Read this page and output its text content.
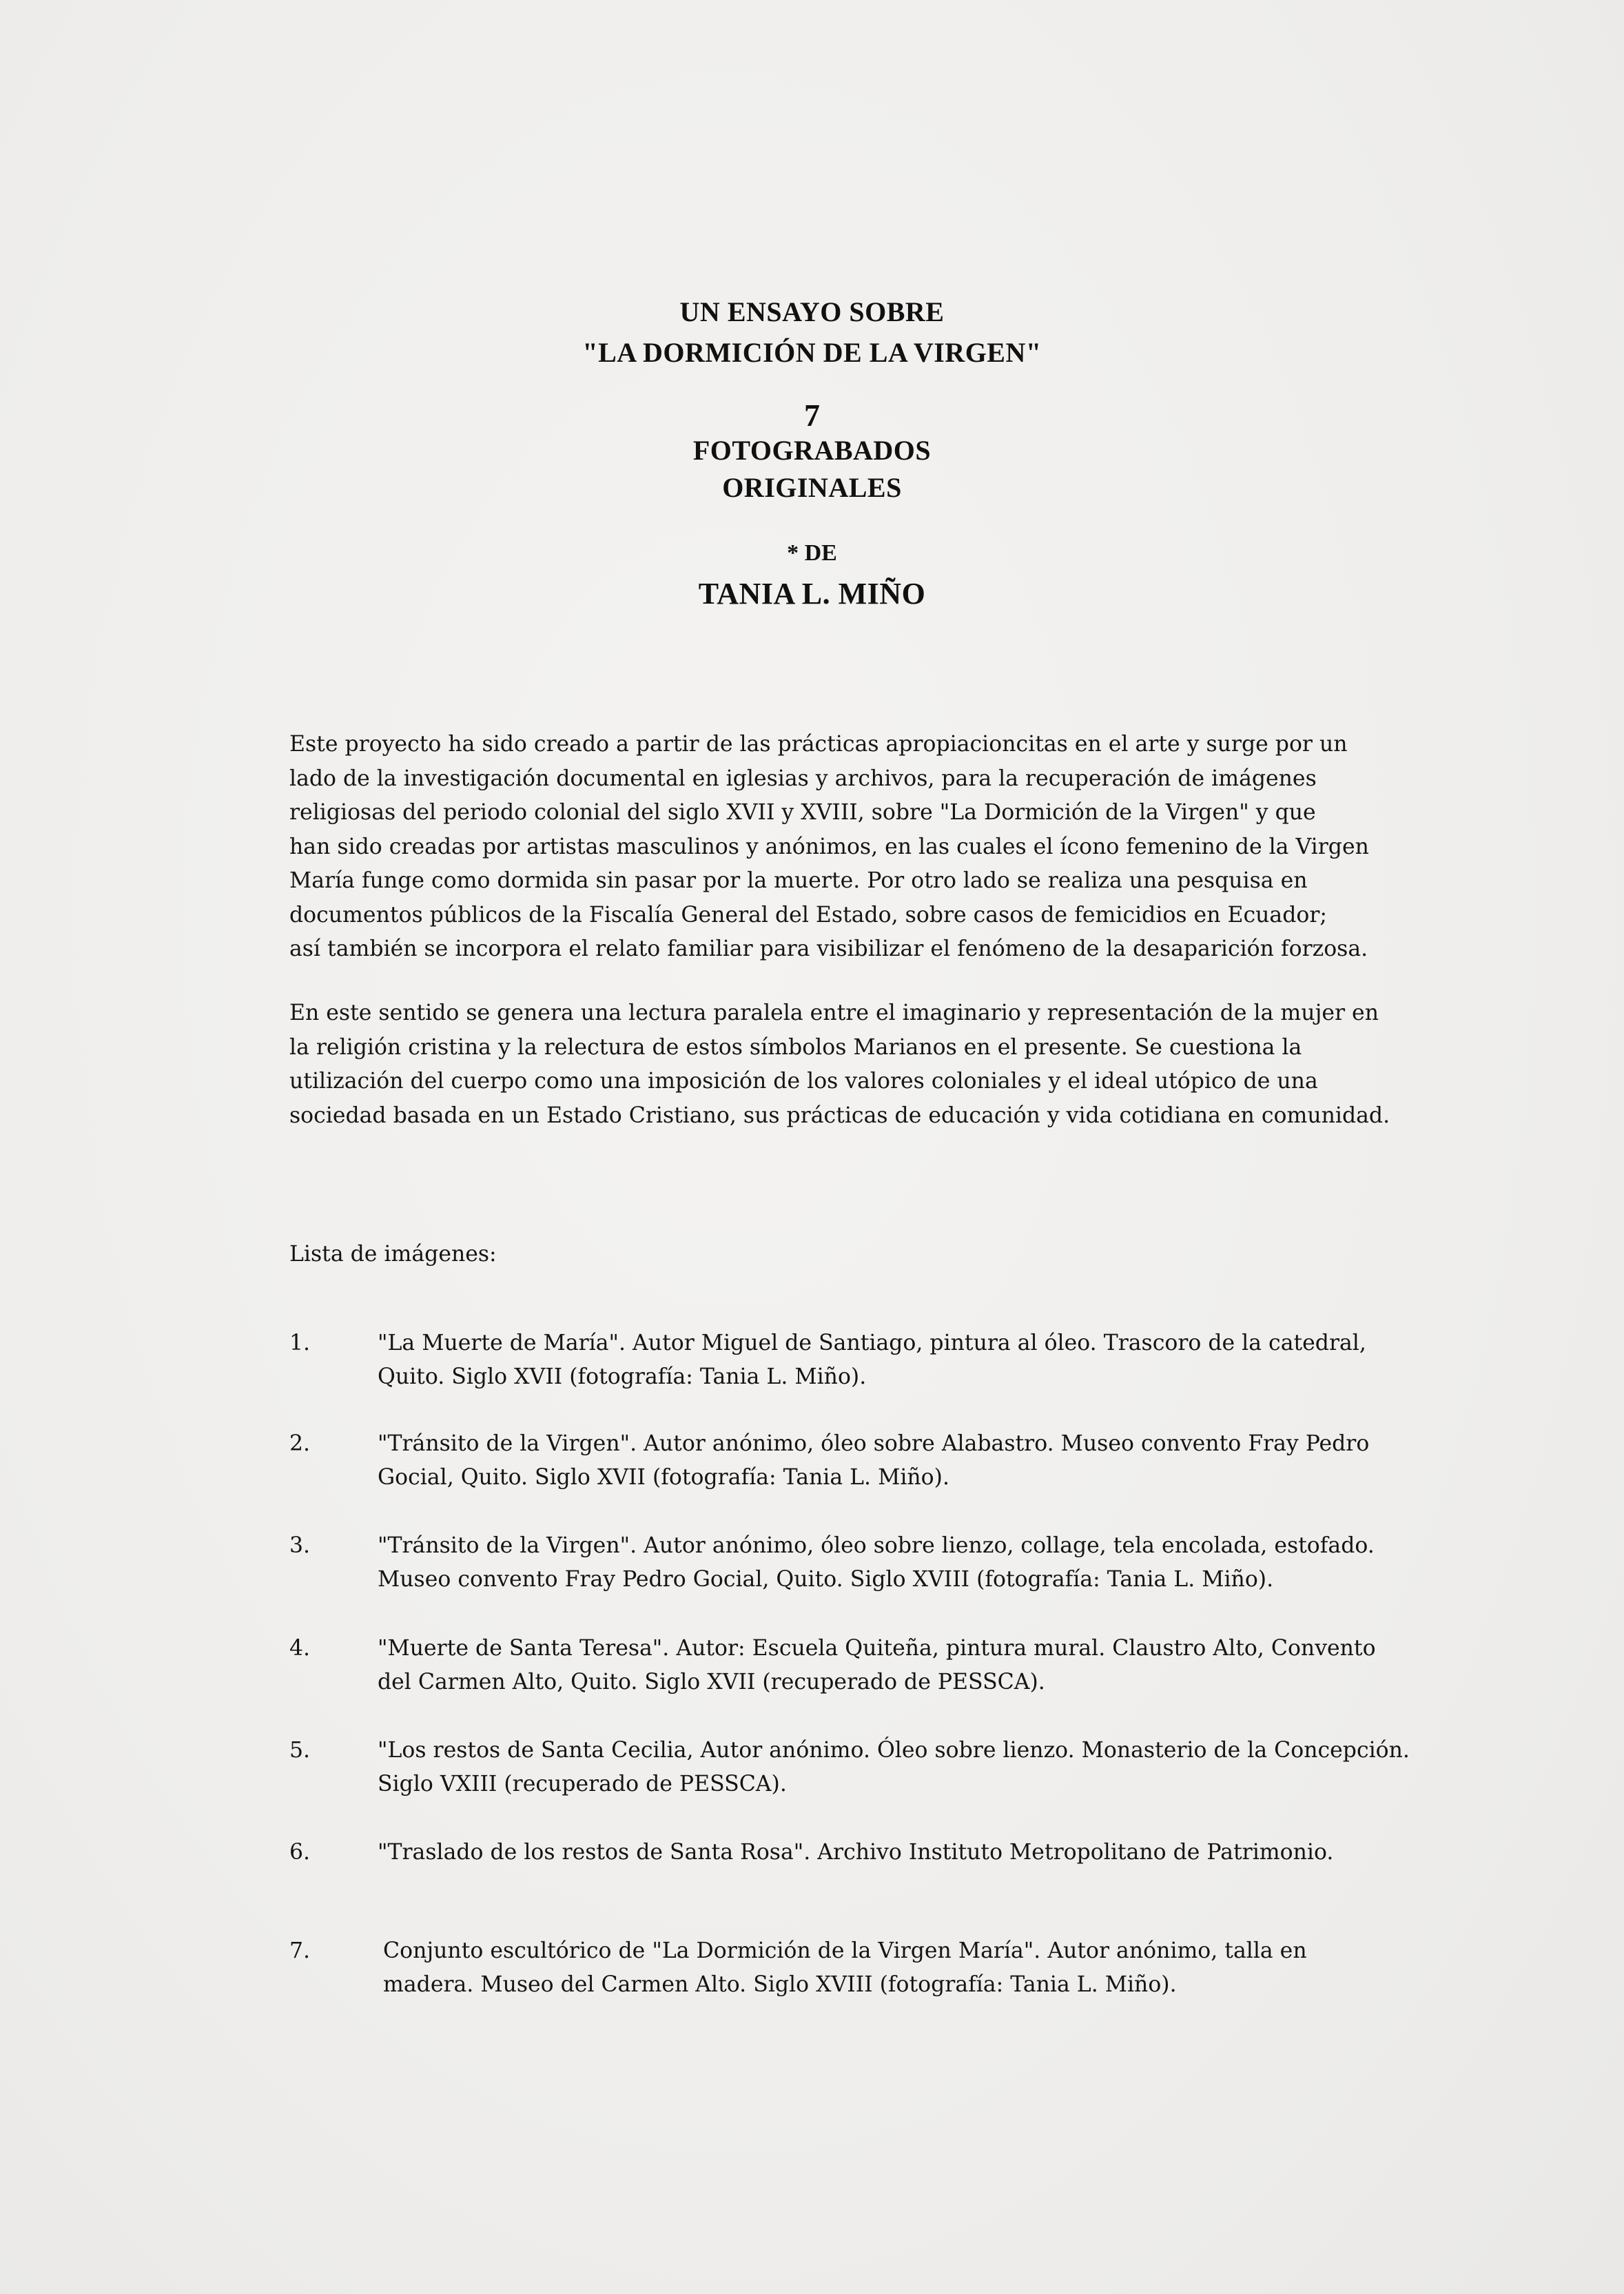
UN ENSAYO SOBRE
"LA DORMICIÓN DE LA VIRGEN"
7
FOTOGRABADOS
ORIGINALES
* DE
TANIA L. MIÑO
Este proyecto ha sido creado a partir de las prácticas apropiacioncitas en el arte y surge por un
lado de la investigación documental en iglesias y archivos, para la recuperación de imágenes
religiosas del periodo colonial del siglo XVII y XVIII, sobre "La Dormición de la Virgen" y que
han sido creadas por artistas masculinos y anónimos, en las cuales el ícono femenino de la Virgen
María funge como dormida sin pasar por la muerte. Por otro lado se realiza una pesquisa en
documentos públicos de la Fiscalía General del Estado, sobre casos de femicidios en Ecuador;
así también se incorpora el relato familiar para visibilizar el fenómeno de la desaparición forzosa.
En este sentido se genera una lectura paralela entre el imaginario y representación de la mujer en
la religión cristina y la relectura de estos símbolos Marianos en el presente. Se cuestiona la
utilización del cuerpo como una imposición de los valores coloniales y el ideal utópico de una
sociedad basada en un Estado Cristiano, sus prácticas de educación y vida cotidiana en comunidad.
Lista de imágenes:
1.	"La Muerte de María". Autor Miguel de Santiago, pintura al óleo. Trascoro de la catedral,
Quito. Siglo XVII (fotografía: Tania L. Miño).
2.	"Tránsito de la Virgen". Autor anónimo, óleo sobre Alabastro. Museo convento Fray Pedro
Gocial, Quito. Siglo XVII (fotografía: Tania L. Miño).
3.	"Tránsito de la Virgen". Autor anónimo, óleo sobre lienzo, collage, tela encolada, estofado.
Museo convento Fray Pedro Gocial, Quito. Siglo XVIII (fotografía: Tania L. Miño).
4.	"Muerte de Santa Teresa". Autor: Escuela Quiteña, pintura mural. Claustro Alto, Convento
del Carmen Alto, Quito. Siglo XVII (recuperado de PESSCA).
5.	"Los restos de Santa Cecilia, Autor anónimo. Óleo sobre lienzo. Monasterio de la Concepción.
Siglo VXIII (recuperado de PESSCA).
6.	"Traslado de los restos de Santa Rosa". Archivo Instituto Metropolitano de Patrimonio.
7.	Conjunto escultórico de "La Dormición de la Virgen María". Autor anónimo, talla en
madera. Museo del Carmen Alto. Siglo XVIII (fotografía: Tania L. Miño).
